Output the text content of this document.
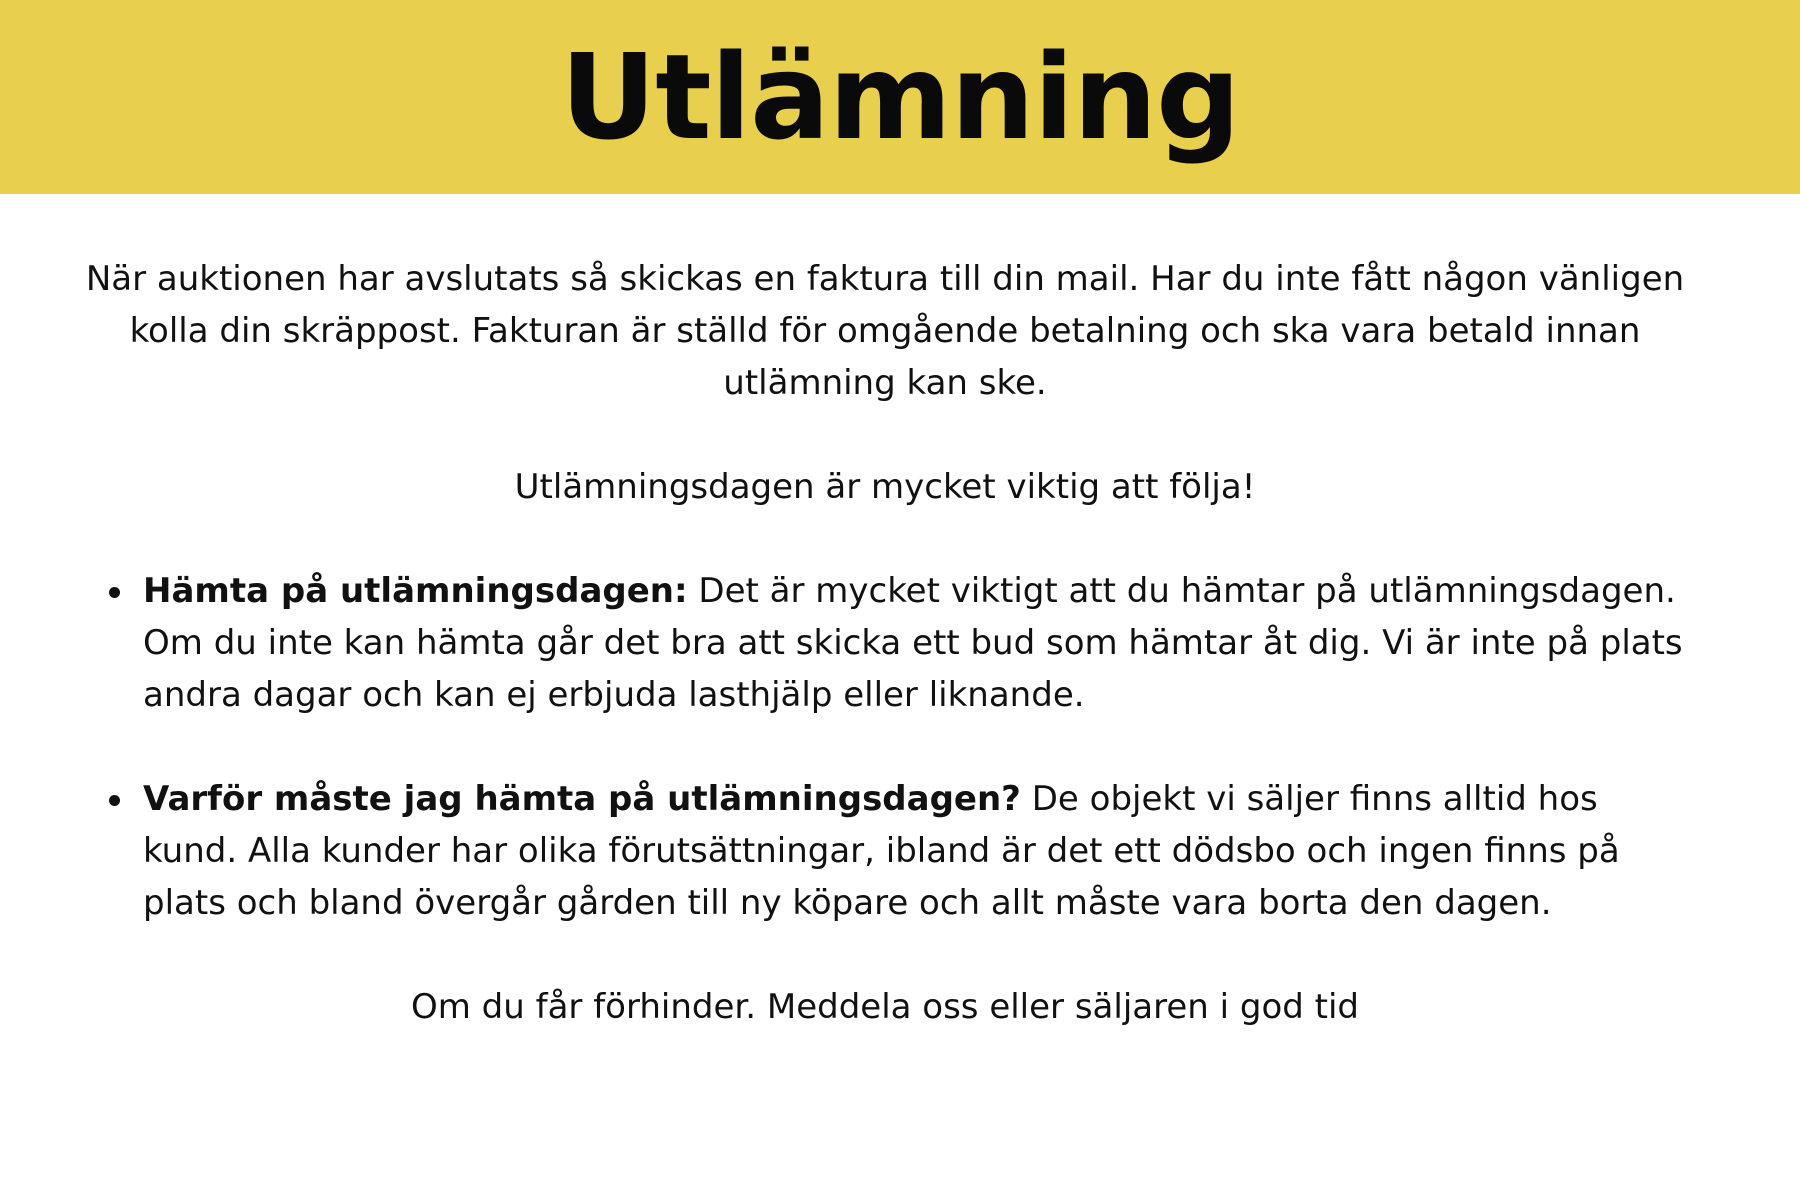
Utlämning

När auktionen har avslutats så skickas en faktura till din mail. Har du inte fått någon vänligen kolla din skräppost. Fakturan är ställd för omgående betalning och ska vara betald innan utlämning kan ske.

Utlämningsdagen är mycket viktig att följa!

Hämta på utlämningsdagen: Det är mycket viktigt att du hämtar på utlämningsdagen. Om du inte kan hämta går det bra att skicka ett bud som hämtar åt dig. Vi är inte på plats andra dagar och kan ej erbjuda lasthjälp eller liknande.
Varför måste jag hämta på utlämningsdagen? De objekt vi säljer finns alltid hos kund. Alla kunder har olika förutsättningar, ibland är det ett dödsbo och ingen finns på plats och bland övergår gården till ny köpare och allt måste vara borta den dagen.

Om du får förhinder. Meddela oss eller säljaren i god tid
